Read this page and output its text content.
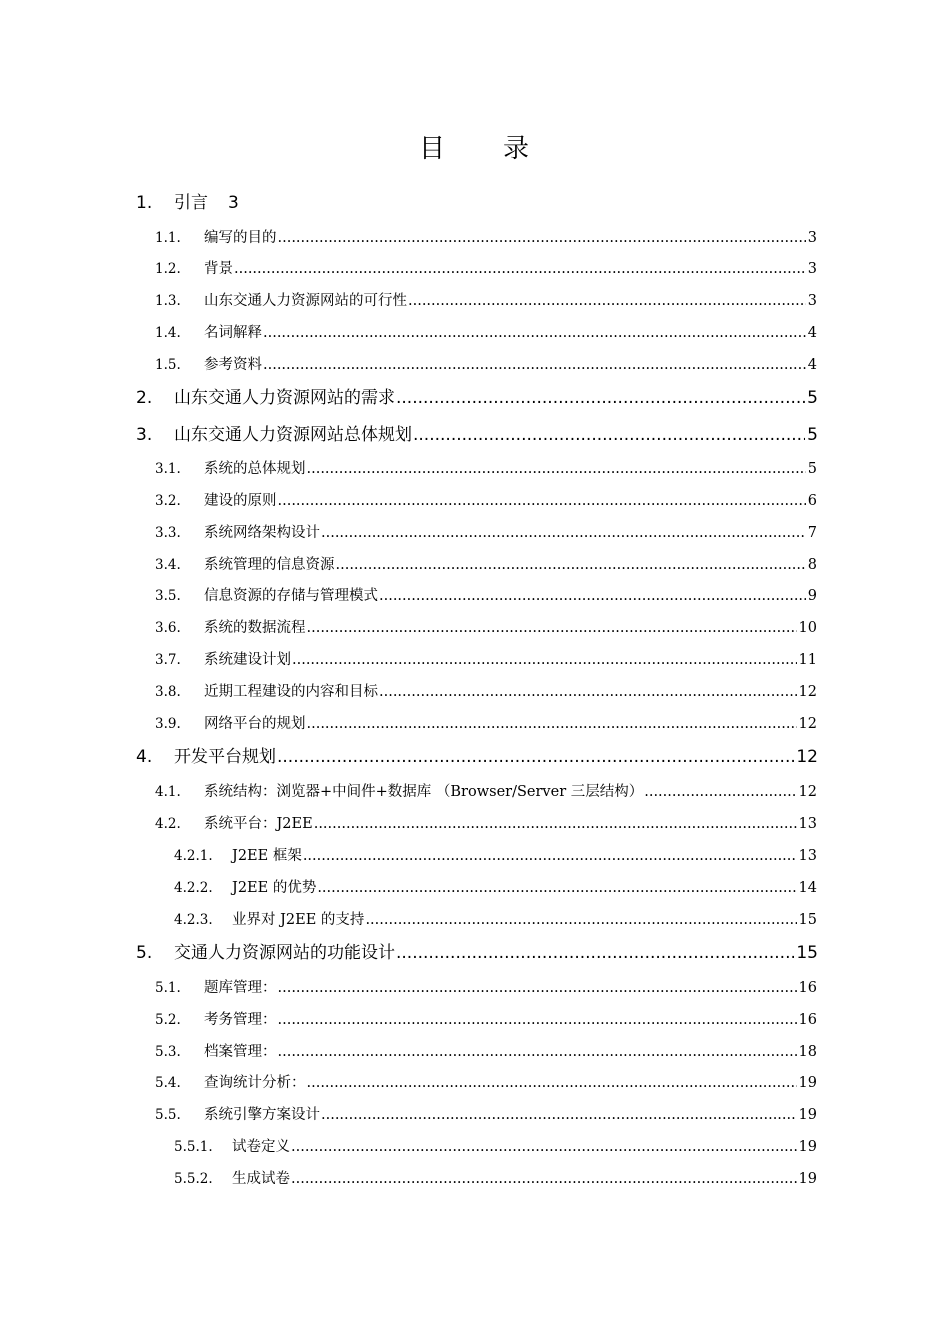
目　　录
1.	引言 3
1.1.	编写的目的 .....	3
1.2.	背景 .....	3
1.3.	山东交通人力资源网站的可行性 .....	3
1.4.	名词解释 .....	4
1.5.	参考资料 .....	4
2.	山东交通人力资源网站的需求 .....	5
3.	山东交通人力资源网站总体规划 .....	5
3.1.	系统的总体规划 .....	5
3.2.	建设的原则 .....	6
3.3.	系统网络架构设计 .....	7
3.4.	系统管理的信息资源 .....	8
3.5.	信息资源的存储与管理模式 .....	9
3.6.	系统的数据流程 .....	10
3.7.	系统建设计划 .....	11
3.8.	近期工程建设的内容和目标 .....	12
3.9.	网络平台的规划 .....	12
4.	开发平台规划 .....	12
4.1.	系统结构：浏览器+中间件+数据库 （Browser/Server 三层结构） .....	12
4.2.	系统平台：J2EE .....	13
4.2.1.	J2EE 框架 .....	13
4.2.2.	J2EE 的优势 .....	14
4.2.3.	业界对 J2EE 的支持 .....	15
5.	交通人力资源网站的功能设计 .....	15
5.1.	题库管理： .....	16
5.2.	考务管理： .....	16
5.3.	档案管理： .....	18
5.4.	查询统计分析： .....	19
5.5.	系统引擎方案设计 .....	19
5.5.1.	试卷定义 .....	19
5.5.2.	生成试卷 .....	19
